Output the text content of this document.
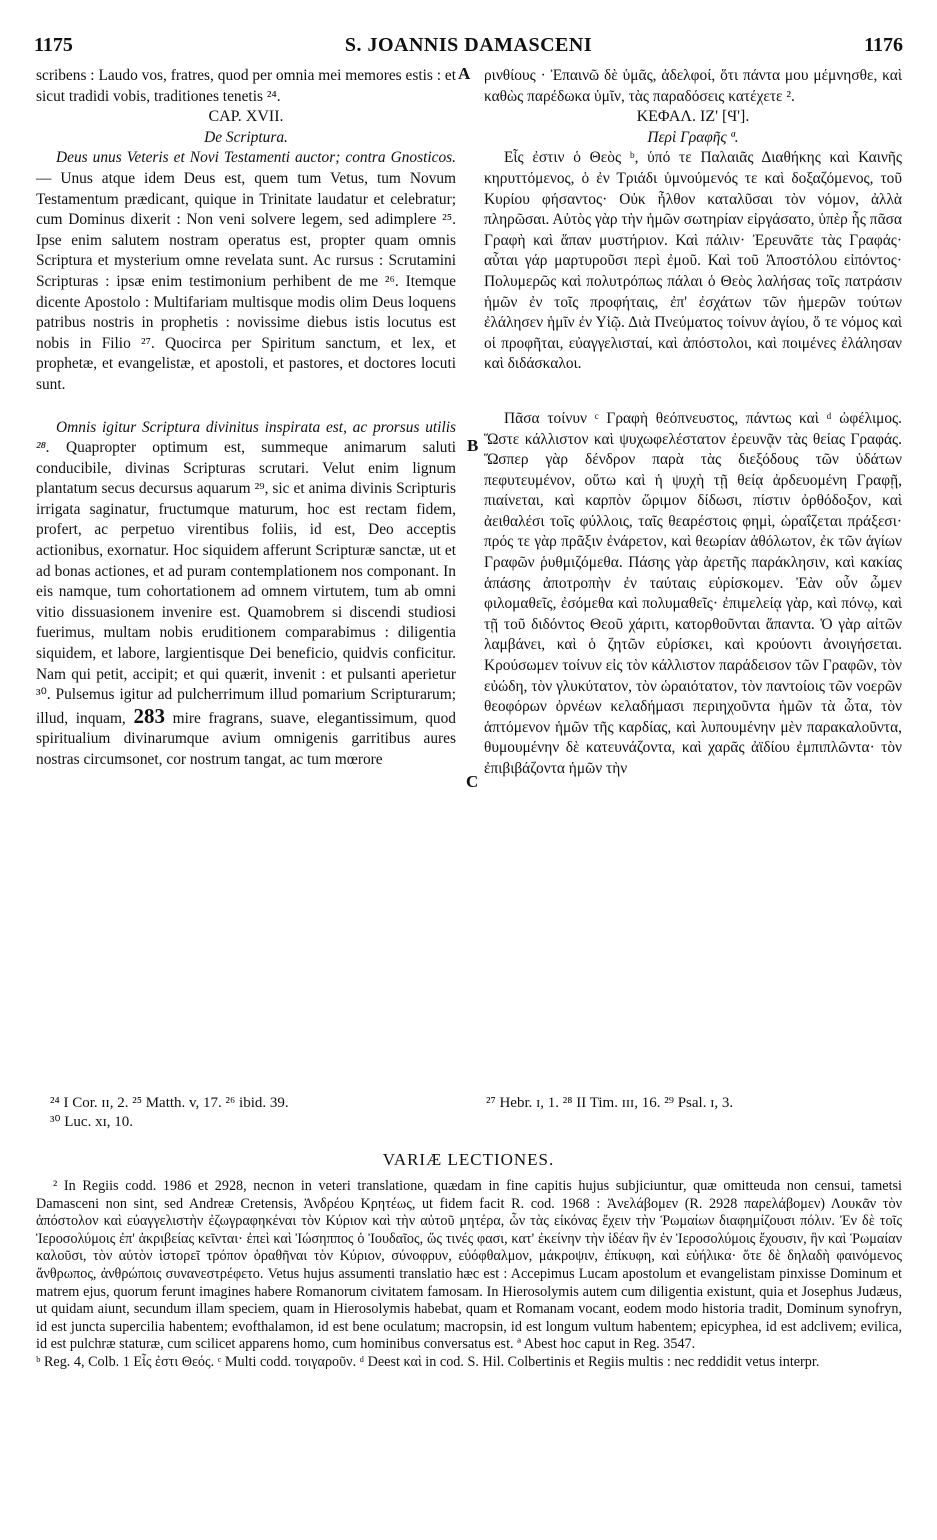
1175	S. JOANNIS DAMASCENI	1176
A
B
C

scribens : Laudo vos, fratres, quod per omnia mei memores estis : et sicut tradidi vobis, traditiones tenetis ²⁴.

CAP. XVII.

De Scriptura.

Deus unus Veteris et Novi Testamenti auctor; contra Gnosticos. — Unus atque idem Deus est, quem tum Vetus, tum Novum Testamentum prædicant, quique in Trinitate laudatur et celebratur; cum Dominus dixerit : Non veni solvere legem, sed adimplere ²⁵. Ipse enim salutem nostram operatus est, propter quam omnis Scriptura et mysterium omne revelata sunt. Ac rursus : Scrutamini Scripturas : ipsæ enim testimonium perhibent de me ²⁶. Itemque dicente Apostolo : Multifariam multisque modis olim Deus loquens patribus nostris in prophetis : novissime diebus istis locutus est nobis in Filio ²⁷. Quocirca per Spiritum sanctum, et lex, et prophetæ, et evangelistæ, et apostoli, et pastores, et doctores locuti sunt.

Omnis igitur Scriptura divinitus inspirata est, ac prorsus utilis ²⁸. Quapropter optimum est, summeque animarum saluti conducibile, divinas Scripturas scrutari. Velut enim lignum plantatum secus decursus aquarum ²⁹, sic et anima divinis Scripturis irrigata saginatur, fructumque maturum, hoc est rectam fidem, profert, ac perpetuo virentibus foliis, id est, Deo acceptis actionibus, exornatur. Hoc siquidem afferunt Scripturæ sanctæ, ut et ad bonas actiones, et ad puram contemplationem nos componant. In eis namque, tum cohortationem ad omnem virtutem, tum ab omni vitio dissuasionem invenire est. Quamobrem si discendi studiosi fuerimus, multam nobis eruditionem comparabimus : diligentia siquidem, et labore, largientisque Dei beneficio, quidvis conficitur. Nam qui petit, accipit; et qui quærit, invenit : et pulsanti aperietur ³⁰. Pulsemus igitur ad pulcherrimum illud pomarium Scripturarum; illud, inquam, 283 mire fragrans, suave, elegantissimum, quod spiritualium divinarumque avium omnigenis garritibus aures nostras circumsonet, cor nostrum tangat, ac tum mœrore

ρινθίους · Ἐπαινῶ δὲ ὑμᾶς, ἀδελφοί, ὅτι πάντα μου μέμνησθε, καὶ καθὼς παρέδωκα ὑμῖν, τὰς παραδόσεις κατέχετε ².

ΚΕΦΑΛ. ΙΖ' [Ϥ'].

Περὶ Γραφῆς ª.

Εἷς ἐστιν ὁ Θεὸς ᵇ, ὑπό τε Παλαιᾶς Διαθήκης καὶ Καινῆς κηρυττόμενος, ὁ ἐν Τριάδι ὑμνούμενός τε καὶ δοξαζόμενος, τοῦ Κυρίου φήσαντος· Οὐκ ἦλθον καταλῦσαι τὸν νόμον, ἀλλὰ πληρῶσαι. Αὐτὸς γὰρ τὴν ἡμῶν σωτηρίαν εἰργάσατο, ὑπὲρ ἧς πᾶσα Γραφὴ καὶ ἅπαν μυστήριον. Καὶ πάλιν· Ἐρευνᾶτε τὰς Γραφάς· αὗται γάρ μαρτυροῦσι περὶ ἐμοῦ. Καὶ τοῦ Ἀποστόλου εἰπόντος· Πολυμερῶς καὶ πολυτρόπως πάλαι ὁ Θεὸς λαλήσας τοῖς πατράσιν ἡμῶν ἐν τοῖς προφήταις, ἐπ' ἐσχάτων τῶν ἡμερῶν τούτων ἐλάλησεν ἡμῖν ἐν Υἱῷ. Διὰ Πνεύματος τοίνυν ἁγίου, ὅ τε νόμος καὶ οἱ προφῆται, εὐαγγελισταί, καὶ ἀπόστολοι, καὶ ποιμένες ἐλάλησαν καὶ διδάσκαλοι.

Πᾶσα τοίνυν ᶜ Γραφὴ θεόπνευστος, πάντως καὶ ᵈ ὠφέλιμος. Ὥστε κάλλιστον καὶ ψυχωφελέστατον ἐρευνᾷν τὰς θείας Γραφάς. Ὥσπερ γὰρ δένδρον παρὰ τὰς διεξόδους τῶν ὑδάτων πεφυτευμένον, οὕτω καὶ ἡ ψυχὴ τῇ θείᾳ ἀρδευομένη Γραφῇ, πιαίνεται, καὶ καρπὸν ὥριμον δίδωσι, πίστιν ὀρθόδοξον, καὶ ἀειθαλέσι τοῖς φύλλοις, ταῖς θεαρέστοις φημὶ, ὡραΐζεται πράξεσι· πρός τε γὰρ πρᾶξιν ἐνάρετον, καὶ θεωρίαν ἀθόλωτον, ἐκ τῶν ἁγίων Γραφῶν ῥυθμιζόμεθα. Πάσης γὰρ ἀρετῆς παράκλησιν, καὶ κακίας ἁπάσης ἀποτροπὴν ἐν ταύταις εὑρίσκομεν. Ἐὰν οὖν ὦμεν φιλομαθεῖς, ἐσόμεθα καὶ πολυμαθεῖς· ἐπιμελείᾳ γὰρ, καὶ πόνῳ, καὶ τῇ τοῦ διδόντος Θεοῦ χάριτι, κατορθοῦνται ἅπαντα. Ὁ γὰρ αἰτῶν λαμβάνει, καὶ ὁ ζητῶν εὑρίσκει, καὶ κρούοντι ἀνοιγήσεται. Κρούσωμεν τοίνυν εἰς τὸν κάλλιστον παράδεισον τῶν Γραφῶν, τὸν εὐώδη, τὸν γλυκύτατον, τὸν ὡραιότατον, τὸν παντοίοις τῶν νοερῶν θεοφόρων ὀρνέων κελαδήμασι περιηχοῦντα ἡμῶν τὰ ὦτα, τὸν ἁπτόμενον ἡμῶν τῆς καρδίας, καὶ λυπουμένην μὲν παρακαλοῦντα, θυμουμένην δὲ κατευνάζοντα, καὶ χαρᾶς ἀϊδίου ἐμπιπλῶντα· τὸν ἐπιβιβάζοντα ἡμῶν τὴν

²⁴ I Cor. ɪɪ, 2. ²⁵ Matth. v, 17. ²⁶ ibid. 39.
³⁰ Luc. xɪ, 10.
²⁷ Hebr. ɪ, 1. ²⁸ II Tim. ɪɪɪ, 16. ²⁹ Psal. ɪ, 3.
VARIÆ LECTIONES.

² In Regiis codd. 1986 et 2928, necnon in veteri translatione, quædam in fine capitis hujus subjiciuntur, quæ omitteuda non censui, tametsi Damasceni non sint, sed Andreæ Cretensis, Ἀνδρέου Κρητέως, ut fidem facit R. cod. 1968 : Ἀνελάβομεν (R. 2928 παρελάβομεν) Λουκᾶν τὸν ἀπόστολον καὶ εὐαγγελιστὴν ἐζωγραφηκέναι τὸν Κύριον καὶ τὴν αὐτοῦ μητέρα, ὧν τὰς εἰκόνας ἔχειν τὴν Ῥωμαίων διαφημίζουσι πόλιν. Ἐν δὲ τοῖς Ἱεροσολύμοις ἐπ' ἀκριβείας κεῖνται· ἐπεὶ καὶ Ἰώσηππος ὁ Ἰουδαῖος, ὥς τινές φασι, κατ' ἐκείνην τὴν ἰδέαν ἣν ἐν Ἱεροσολύμοις ἔχουσιν, ἣν καὶ Ῥωμαίαν καλοῦσι, τὸν αὐτὸν ἱστορεῖ τρόπον ὁραθῆναι τὸν Κύριον, σύνοφρυν, εὐόφθαλμον, μάκροψιν, ἐπίκυφη, καὶ εὐήλικα· ὅτε δὲ δηλαδὴ φαινόμενος ἄνθρωπος, ἀνθρώποις συνανεστρέφετο. Vetus hujus assumenti translatio hæc est : Accepimus Lucam apostolum et evangelistam pinxisse Dominum et matrem ejus, quorum ferunt imagines habere Romanorum civitatem famosam. In Hierosolymis autem cum diligentia existunt, quia et Josephus Judæus, ut quidam aiunt, secundum illam speciem, quam in Hierosolymis habebat, quam et Romanam vocant, eodem modo historia tradit, Dominum synofryn, id est juncta supercilia habentem; evofthalamon, id est bene oculatum; macropsin, id est longum vultum habentem; epicyphea, id est adclivem; evilica, id est pulchræ staturæ, cum scilicet apparens homo, cum hominibus conversatus est. ª Abest hoc caput in Reg. 3547.

ᵇ Reg. 4, Colb. 1 Εἷς ἐστι Θεός. ᶜ Multi codd. τοιγαροῦν. ᵈ Deest καὶ in cod. S. Hil. Colbertinis et Regiis multis : nec reddidit vetus interpr.
